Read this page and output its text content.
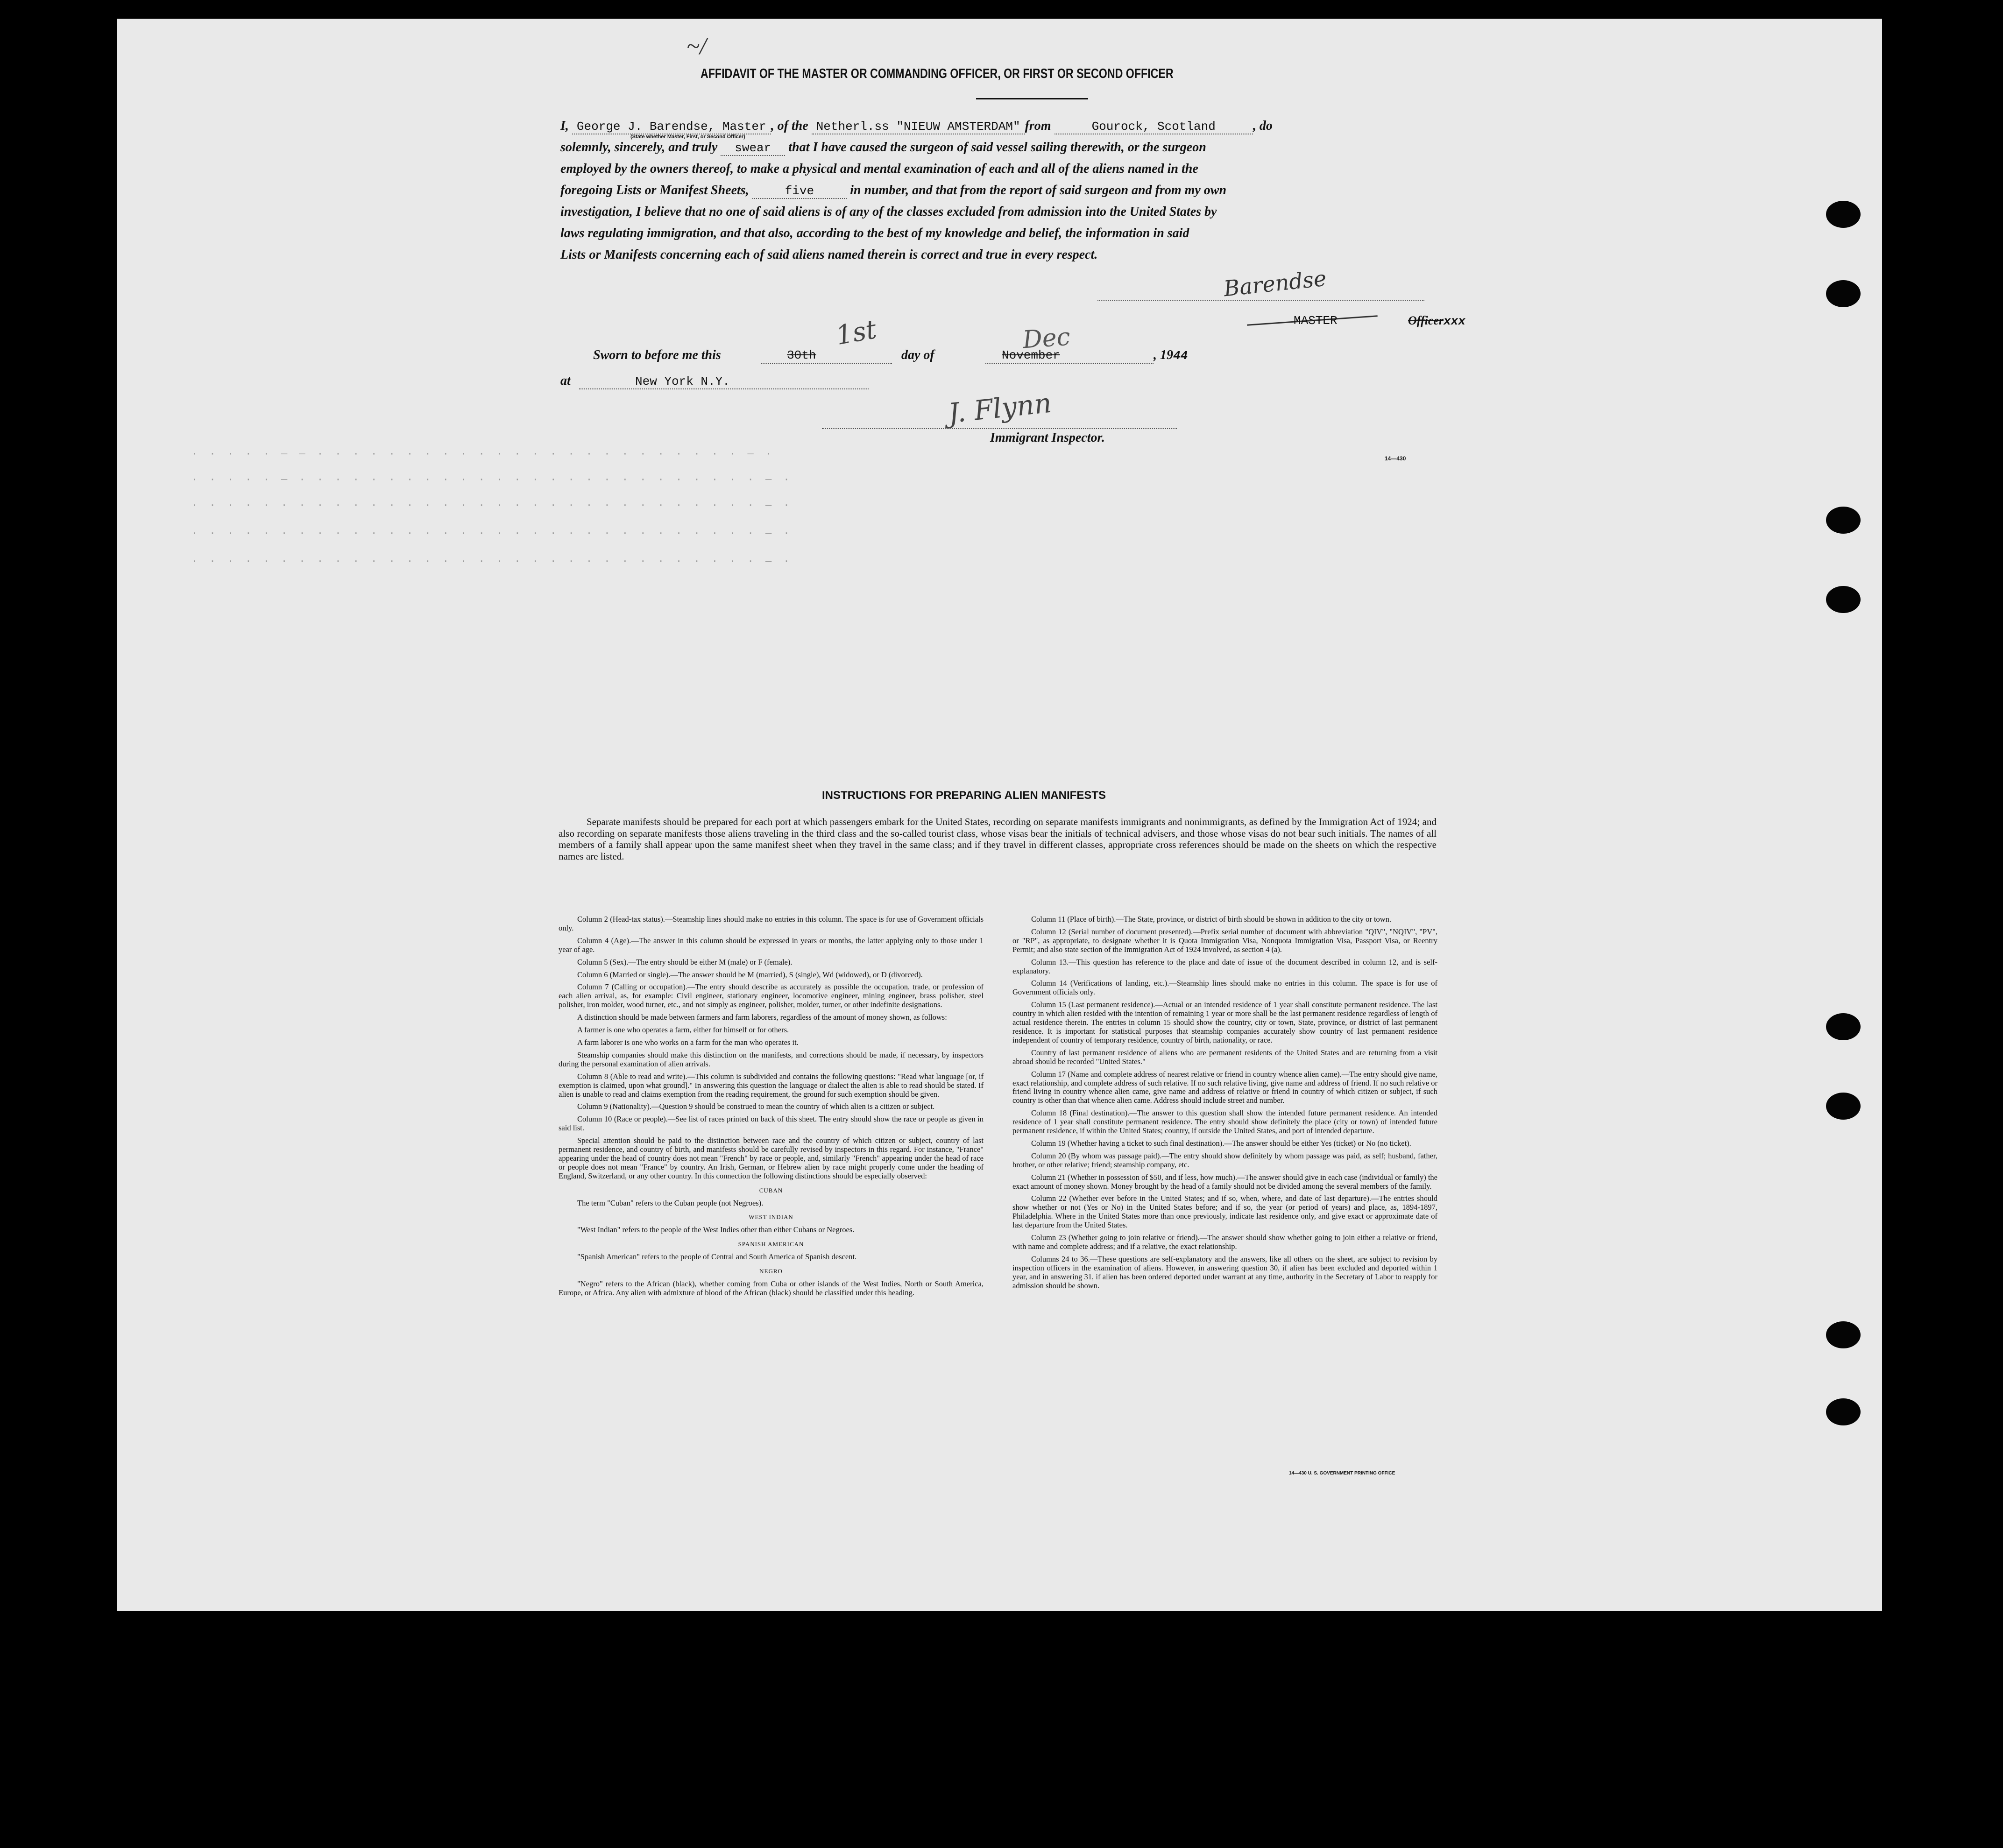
~/
AFFIDAVIT OF THE MASTER OR COMMANDING OFFICER, OR FIRST OR SECOND OFFICER
I, George J. Barendse, Master , of the Netherl.ss "NIEUW AMSTERDAM" from	Gourock, Scotland	, do
(State whether Master, First, or Second Officer)
solemnly, sincerely, and truly swear that I have caused the surgeon of said vessel sailing therewith, or the surgeon
employed by the owners thereof, to make a physical and mental examination of each and all of the aliens named in the
foregoing Lists or Manifest Sheets,	five	in number, and that from the report of said surgeon and from my own
investigation, I believe that no one of said aliens is of any of the classes excluded from admission into the United States by
laws regulating immigration, and that also, according to the best of my knowledge and belief, the information in said
Lists or Manifests concerning each of said aliens named therein is correct and true in every respect.
Barendse
MASTER	Officerxxx
Sworn to before me this	30th
1st
day of	November
Dec
, 1944
at	New York N.Y.
J. Flynn
Immigrant Inspector.
14—430
· · · · · — — · · · · · · · · · · · · · · · · · · · · · · · · — ·
· · · · · — · · · · · · · · · · · · · · · · · · · · · · · · · · — ·
· · · · · · · · · · · · · · · · · · · · · · · · · · · · · · · · — ·
· · · · · · · · · · · · · · · · · · · · · · · · · · · · · · · · — ·
· · · · · · · · · · · · · · · · · · · · · · · · · · · · · · · · — ·
INSTRUCTIONS FOR PREPARING ALIEN MANIFESTS
Separate manifests should be prepared for each port at which passengers embark for the United States, recording on separate manifests immigrants and nonimmigrants, as defined by the Immigration Act of 1924; and also recording on separate manifests those aliens traveling in the third class and the so-called tourist class, whose visas bear the initials of technical advisers, and those whose visas do not bear such initials. The names of all members of a family shall appear upon the same manifest sheet when they travel in the same class; and if they travel in different classes, appropriate cross references should be made on the sheets on which the respective names are listed.

Column 2 (Head-tax status).—Steamship lines should make no entries in this column. The space is for use of Government officials only.

Column 4 (Age).—The answer in this column should be expressed in years or months, the latter applying only to those under 1 year of age.

Column 5 (Sex).—The entry should be either M (male) or F (female).

Column 6 (Married or single).—The answer should be M (married), S (single), Wd (widowed), or D (divorced).

Column 7 (Calling or occupation).—The entry should describe as accurately as possible the occupation, trade, or profession of each alien arrival, as, for example: Civil engineer, stationary engineer, locomotive engineer, mining engineer, brass polisher, steel polisher, iron molder, wood turner, etc., and not simply as engineer, polisher, molder, turner, or other indefinite designations.

A distinction should be made between farmers and farm laborers, regardless of the amount of money shown, as follows:

A farmer is one who operates a farm, either for himself or for others.

A farm laborer is one who works on a farm for the man who operates it.

Steamship companies should make this distinction on the manifests, and corrections should be made, if necessary, by inspectors during the personal examination of alien arrivals.

Column 8 (Able to read and write).—This column is subdivided and contains the following questions: "Read what language [or, if exemption is claimed, upon what ground]." In answering this question the language or dialect the alien is able to read should be stated. If alien is unable to read and claims exemption from the reading requirement, the ground for such exemption should be given.

Column 9 (Nationality).—Question 9 should be construed to mean the country of which alien is a citizen or subject.

Column 10 (Race or people).—See list of races printed on back of this sheet. The entry should show the race or people as given in said list.

Special attention should be paid to the distinction between race and the country of which citizen or subject, country of last permanent residence, and country of birth, and manifests should be carefully revised by inspectors in this regard. For instance, "France" appearing under the head of country does not mean "French" by race or people, and, similarly "French" appearing under the head of race or people does not mean "France" by country. An Irish, German, or Hebrew alien by race might properly come under the heading of England, Switzerland, or any other country. In this connection the following distinctions should be especially observed:

CUBAN

The term "Cuban" refers to the Cuban people (not Negroes).

WEST INDIAN

"West Indian" refers to the people of the West Indies other than either Cubans or Negroes.

SPANISH AMERICAN

"Spanish American" refers to the people of Central and South America of Spanish descent.

NEGRO

"Negro" refers to the African (black), whether coming from Cuba or other islands of the West Indies, North or South America, Europe, or Africa. Any alien with admixture of blood of the African (black) should be classified under this heading.

Column 11 (Place of birth).—The State, province, or district of birth should be shown in addition to the city or town.

Column 12 (Serial number of document presented).—Prefix serial number of document with abbreviation "QIV", "NQIV", "PV", or "RP", as appropriate, to designate whether it is Quota Immigration Visa, Nonquota Immigration Visa, Passport Visa, or Reentry Permit; and also state section of the Immigration Act of 1924 involved, as section 4 (a).

Column 13.—This question has reference to the place and date of issue of the document described in column 12, and is self-explanatory.

Column 14 (Verifications of landing, etc.).—Steamship lines should make no entries in this column. The space is for use of Government officials only.

Column 15 (Last permanent residence).—Actual or an intended residence of 1 year shall constitute permanent residence. The last country in which alien resided with the intention of remaining 1 year or more shall be the last permanent residence regardless of length of actual residence therein. The entries in column 15 should show the country, city or town, State, province, or district of last permanent residence. It is important for statistical purposes that steamship companies accurately show country of last permanent residence independent of country of temporary residence, country of birth, nationality, or race.

Country of last permanent residence of aliens who are permanent residents of the United States and are returning from a visit abroad should be recorded "United States."

Column 17 (Name and complete address of nearest relative or friend in country whence alien came).—The entry should give name, exact relationship, and complete address of such relative. If no such relative living, give name and address of friend. If no such relative or friend living in country whence alien came, give name and address of relative or friend in country of which citizen or subject, if such country is other than that whence alien came. Address should include street and number.

Column 18 (Final destination).—The answer to this question shall show the intended future permanent residence. An intended residence of 1 year shall constitute permanent residence. The entry should show definitely the place (city or town) of intended future permanent residence, if within the United States; country, if outside the United States, and port of intended departure.

Column 19 (Whether having a ticket to such final destination).—The answer should be either Yes (ticket) or No (no ticket).

Column 20 (By whom was passage paid).—The entry should show definitely by whom passage was paid, as self; husband, father, brother, or other relative; friend; steamship company, etc.

Column 21 (Whether in possession of $50, and if less, how much).—The answer should give in each case (individual or family) the exact amount of money shown. Money brought by the head of a family should not be divided among the several members of the family.

Column 22 (Whether ever before in the United States; and if so, when, where, and date of last departure).—The entries should show whether or not (Yes or No) in the United States before; and if so, the year (or period of years) and place, as, 1894-1897, Philadelphia. Where in the United States more than once previously, indicate last residence only, and give exact or approximate date of last departure from the United States.

Column 23 (Whether going to join relative or friend).—The answer should show whether going to join either a relative or friend, with name and complete address; and if a relative, the exact relationship.

Columns 24 to 36.—These questions are self-explanatory and the answers, like all others on the sheet, are subject to revision by inspection officers in the examination of aliens. However, in answering question 30, if alien has been excluded and deported within 1 year, and in answering 31, if alien has been ordered deported under warrant at any time, authority in the Secretary of Labor to reapply for admission should be shown.

14—430 U. S. GOVERNMENT PRINTING OFFICE
